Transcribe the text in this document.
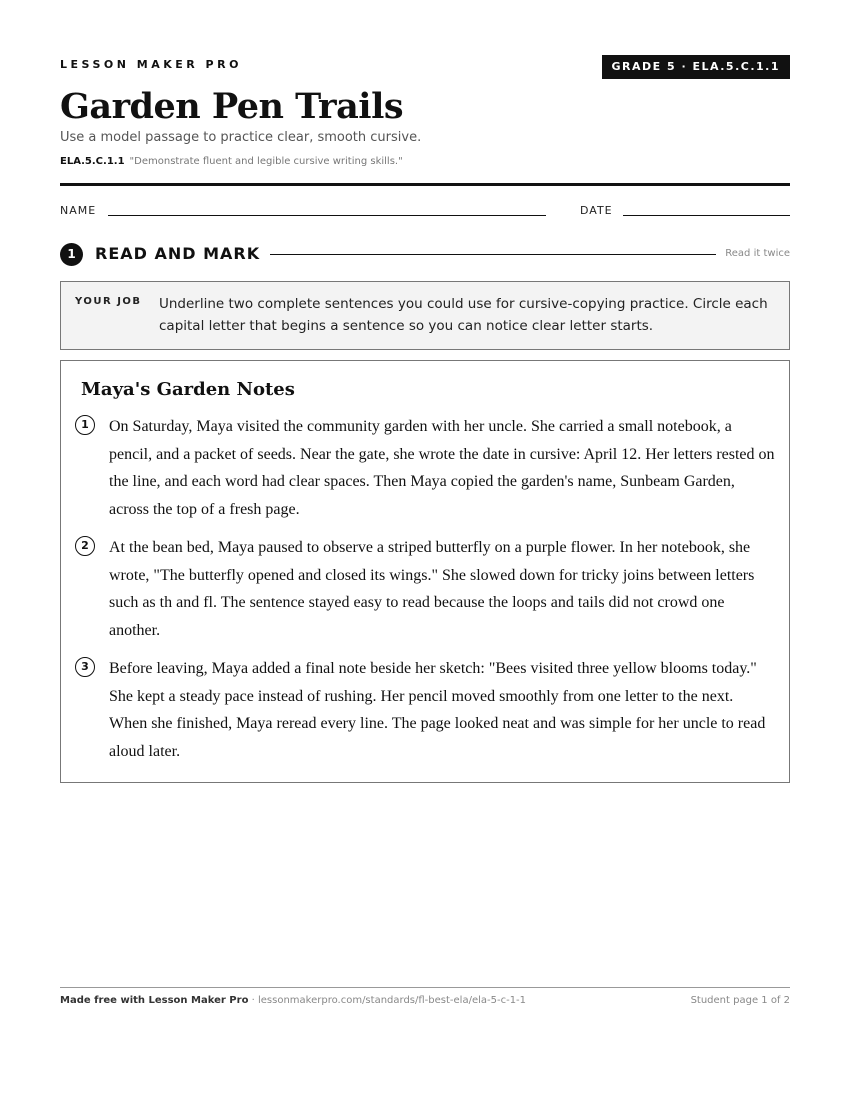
LESSON MAKER PRO	GRADE 5 · ELA.5.C.1.1
Garden Pen Trails
Use a model passage to practice clear, smooth cursive.
ELA.5.C.1.1 "Demonstrate fluent and legible cursive writing skills."
NAME	DATE
1	READ AND MARK	Read it twice
YOUR JOB Underline two complete sentences you could use for cursive-copying practice. Circle each capital letter that begins a sentence so you can notice clear letter starts.
Maya's Garden Notes
1	On Saturday, Maya visited the community garden with her uncle. She carried a small notebook, a pencil, and a packet of seeds. Near the gate, she wrote the date in cursive: April 12. Her letters rested on the line, and each word had clear spaces. Then Maya copied the garden's name, Sunbeam Garden, across the top of a fresh page.
2	At the bean bed, Maya paused to observe a striped butterfly on a purple flower. In her notebook, she wrote, "The butterfly opened and closed its wings." She slowed down for tricky joins between letters such as th and fl. The sentence stayed easy to read because the loops and tails did not crowd one another.
3	Before leaving, Maya added a final note beside her sketch: "Bees visited three yellow blooms today." She kept a steady pace instead of rushing. Her pencil moved smoothly from one letter to the next. When she finished, Maya reread every line. The page looked neat and was simple for her uncle to read aloud later.
Made free with Lesson Maker Pro · lessonmakerpro.com/standards/fl-best-ela/ela-5-c-1-1	Student page 1 of 2
